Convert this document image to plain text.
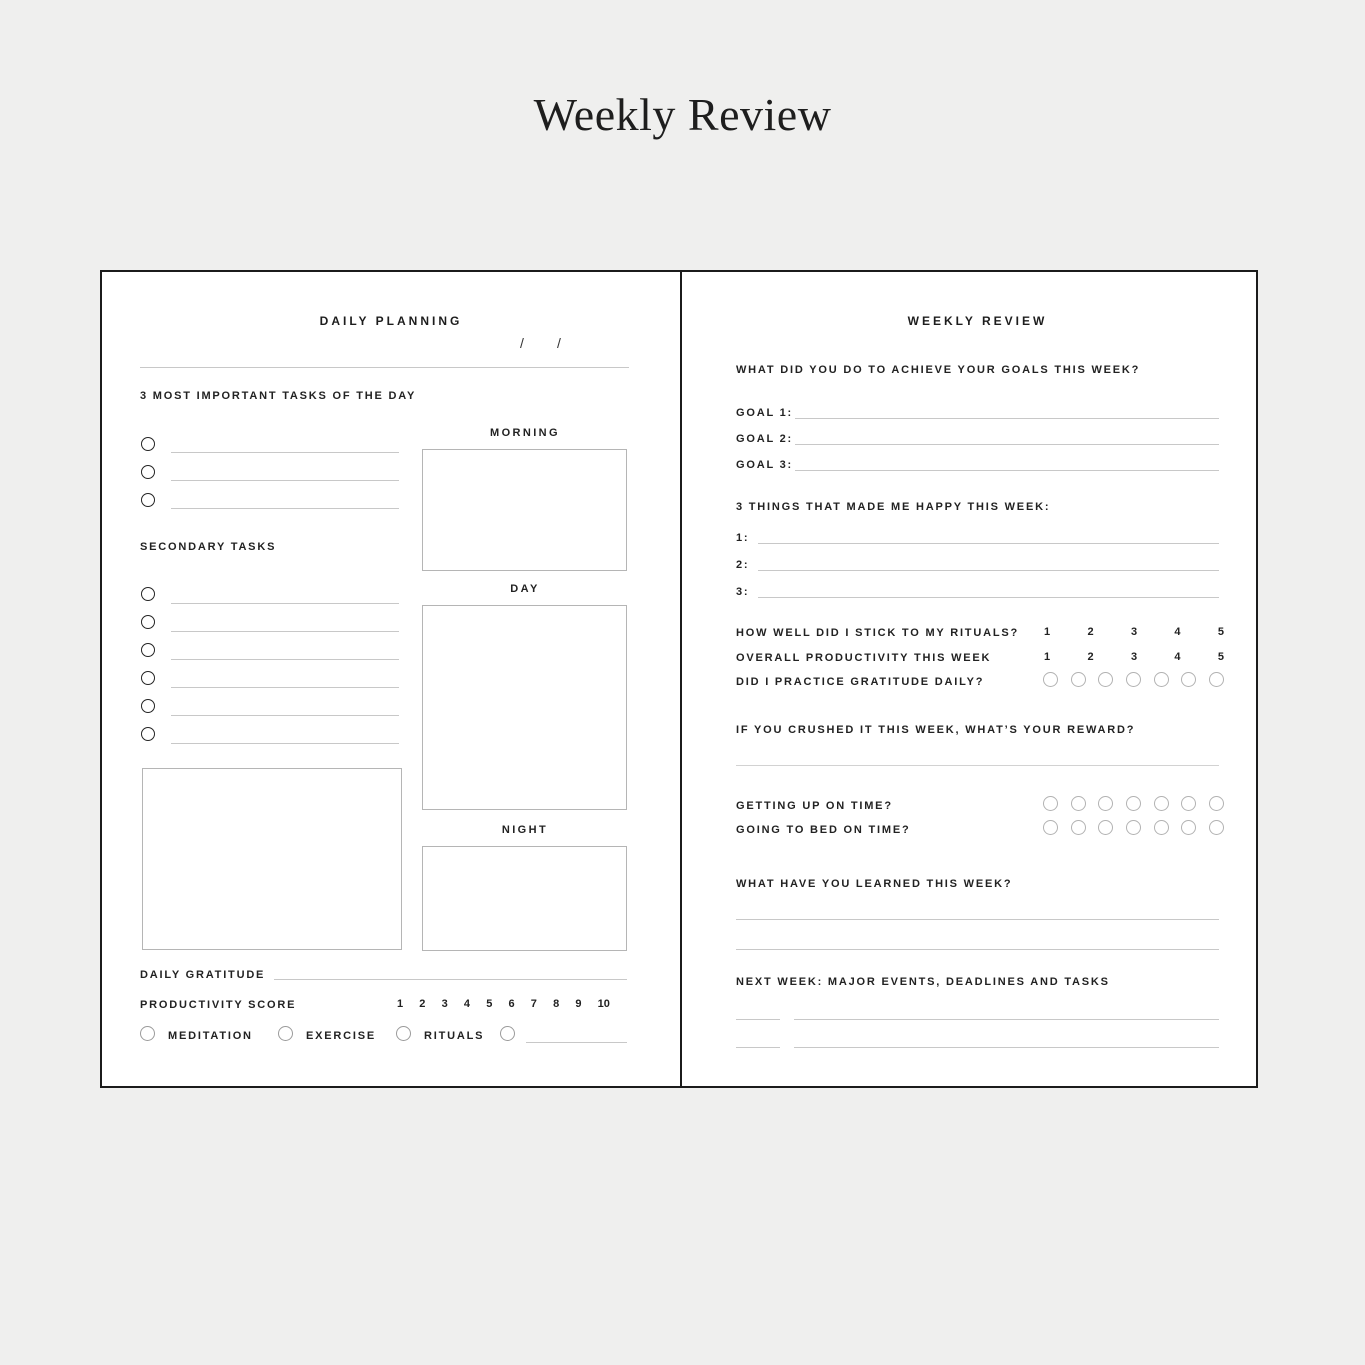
Weekly Review
DAILY PLANNING
/ /
3 MOST IMPORTANT TASKS OF THE DAY
SECONDARY TASKS
MORNING
DAY
NIGHT
DAILY GRATITUDE
PRODUCTIVITY SCORE	1 2 3 4 5 6 7 8 9 10
MEDITATION	EXERCISE	RITUALS
WEEKLY REVIEW
WHAT DID YOU DO TO ACHIEVE YOUR GOALS THIS WEEK?
GOAL 1:
GOAL 2:
GOAL 3:
3 THINGS THAT MADE ME HAPPY THIS WEEK:
1:
2:
3:
HOW WELL DID I STICK TO MY RITUALS? 1	2	3	4	5
OVERALL PRODUCTIVITY THIS WEEK	1	2	3	4	5
DID I PRACTICE GRATITUDE DAILY?
IF YOU CRUSHED IT THIS WEEK, WHAT’S YOUR REWARD?
GETTING UP ON TIME?
GOING TO BED ON TIME?
WHAT HAVE YOU LEARNED THIS WEEK?
NEXT WEEK: MAJOR EVENTS, DEADLINES AND TASKS
